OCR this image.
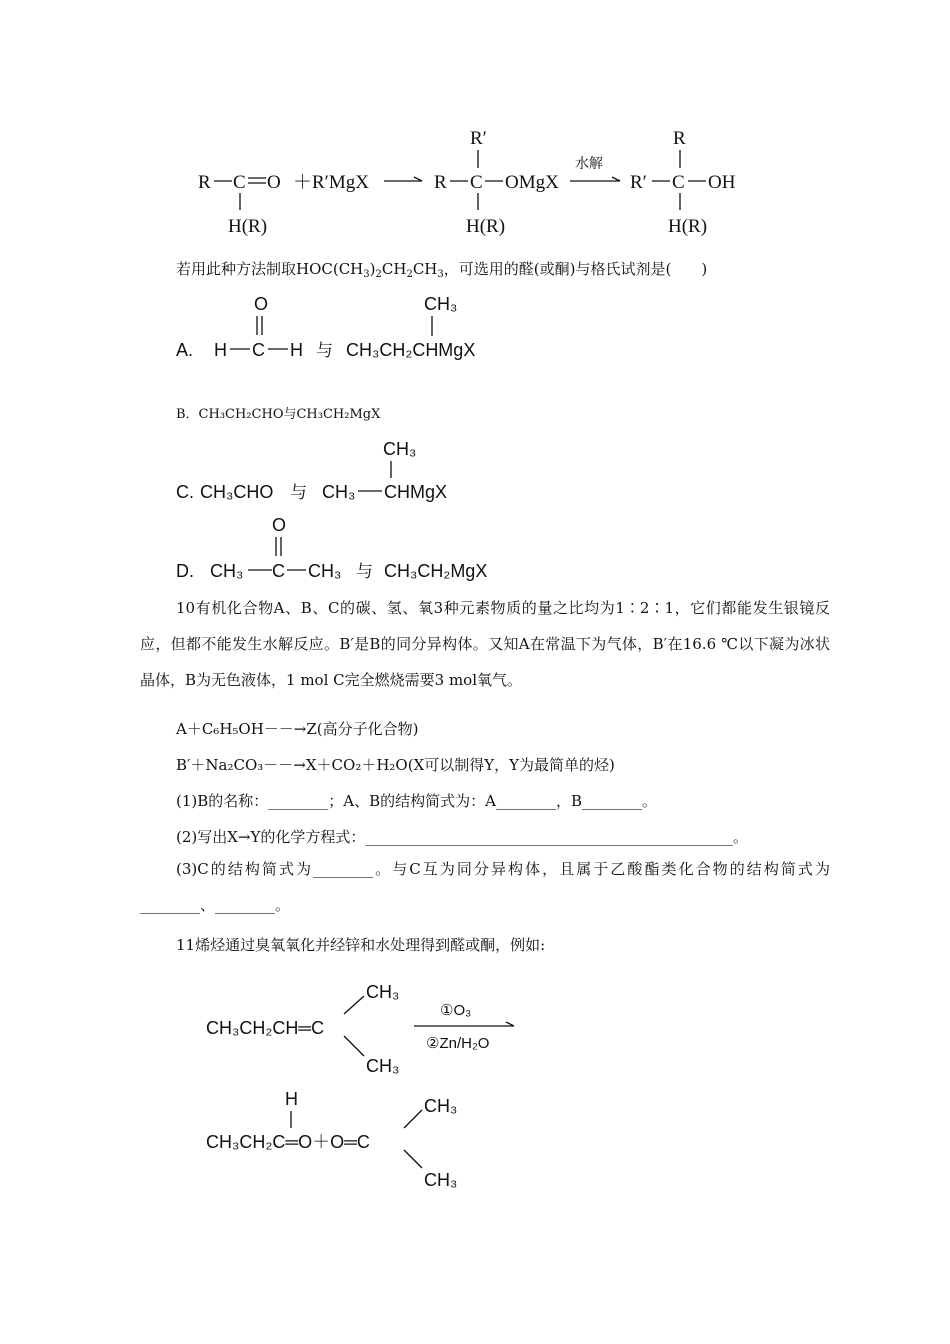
R C O
H(R)
＋R′MgX
R′
R C OMgX
H(R)
水解
R
R′ C OH
H(R)
若用此种方法制取$HOC(CH_3)_2CH_2CH_3$，可选用的醛(或酮)与格氏试剂是(　　)
A.
O
H C H 与
CH₃
CH₃CH₂CHMgX
B．CH₃CH₂CHO与CH₃CH₂MgX
C. CH₃CHO 与 CH₃
CH₃
CHMgX
D. CH₃
O
C CH₃ 与 CH₃CH₂MgX
10有机化合物A、B、C的碳、氢、氧3种元素物质的量之比均为1∶2∶1，它们都能发生银镜反应，但都不能发生水解反应。B′是B的同分异构体。又知A在常温下为气体，B′在16.6 ℃以下凝为冰状晶体，B为无色液体，1 mol C完全燃烧需要3 mol氧气。
A＋C₆H₅OH－－→Z(高分子化合物)
B′＋Na₂CO₃－－→X＋CO₂＋H₂O(X可以制得Y，Y为最简单的烃)
(1)B的名称：________；A、B的结构简式为：A________，B________。
(2)写出X→Y的化学方程式：_________________________________________________。
(3)C的结构简式为________。与C互为同分异构体，且属于乙酸酯类化合物的结构简式为________、________。
11烯烃通过臭氧氧化并经锌和水处理得到醛或酮，例如:
CH₃
CH₃CH₂CH═C
CH₃
①O₃
②Zn/H₂O
H	CH₃
CH₃CH₂C═O＋O═C
CH₃
